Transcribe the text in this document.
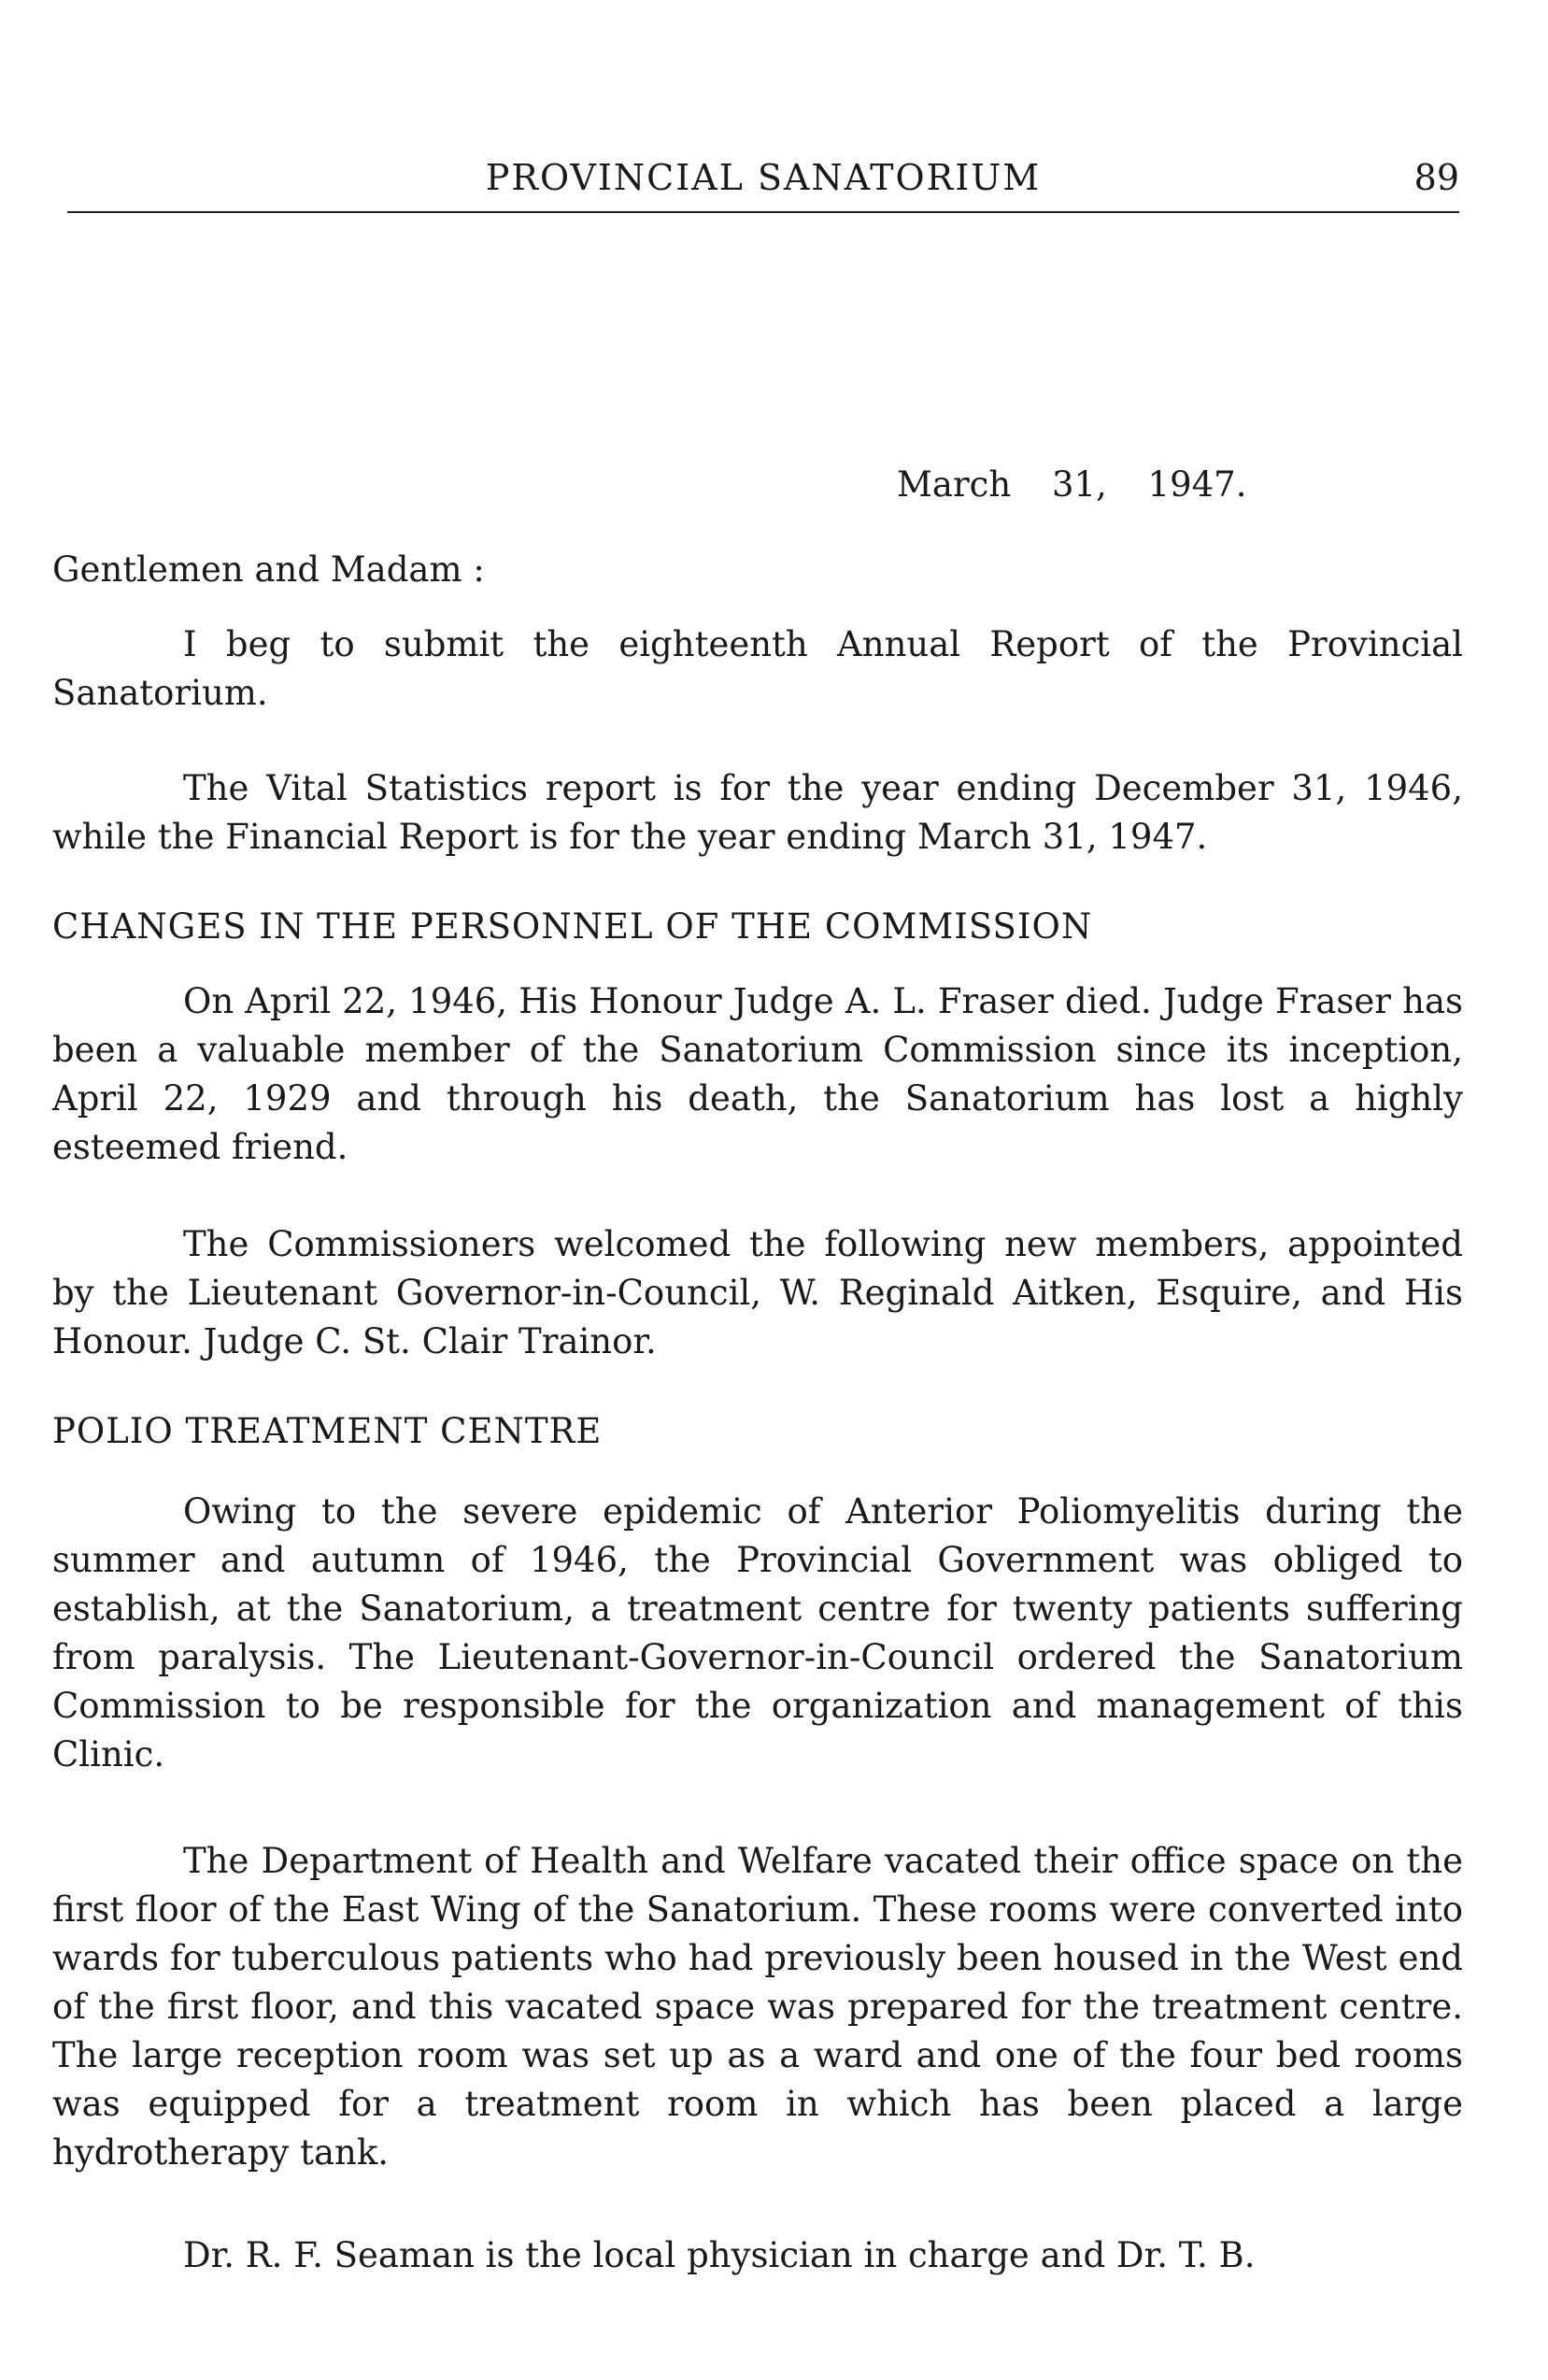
PROVINCIAL SANATORIUM	89
March 31, 1947.
Gentlemen and Madam :

I beg to submit the eighteenth Annual Report of the Provincial Sanatorium.

The Vital Statistics report is for the year ending December 31, 1946, while the Financial Report is for the year ending March 31, 1947.

CHANGES IN THE PERSONNEL OF THE COMMISSION

On April 22, 1946, His Honour Judge A. L. Fraser died. Judge Fraser has been a valuable member of the Sanatorium Commission since its inception, April 22, 1929 and through his death, the Sanatorium has lost a highly esteemed friend.

The Commissioners welcomed the following new members, appointed by the Lieutenant Governor-in-Council, W. Reginald Aitken, Esquire, and His Honour. Judge C. St. Clair Trainor.

POLIO TREATMENT CENTRE

Owing to the severe epidemic of Anterior Poliomyelitis during the summer and autumn of 1946, the Provincial Government was obliged to establish, at the Sanatorium, a treatment centre for twenty patients suffering from paralysis. The Lieutenant-Governor-in-Council ordered the Sanatorium Commission to be responsible for the organization and management of this Clinic.

The Department of Health and Welfare vacated their office space on the first floor of the East Wing of the Sanatorium. These rooms were converted into wards for tuberculous patients who had previously been housed in the West end of the first floor, and this vacated space was prepared for the treatment centre. The large reception room was set up as a ward and one of the four bed rooms was equipped for a treatment room in which has been placed a large hydrotherapy tank.

Dr. R. F. Seaman is the local physician in charge and Dr. T. B.
